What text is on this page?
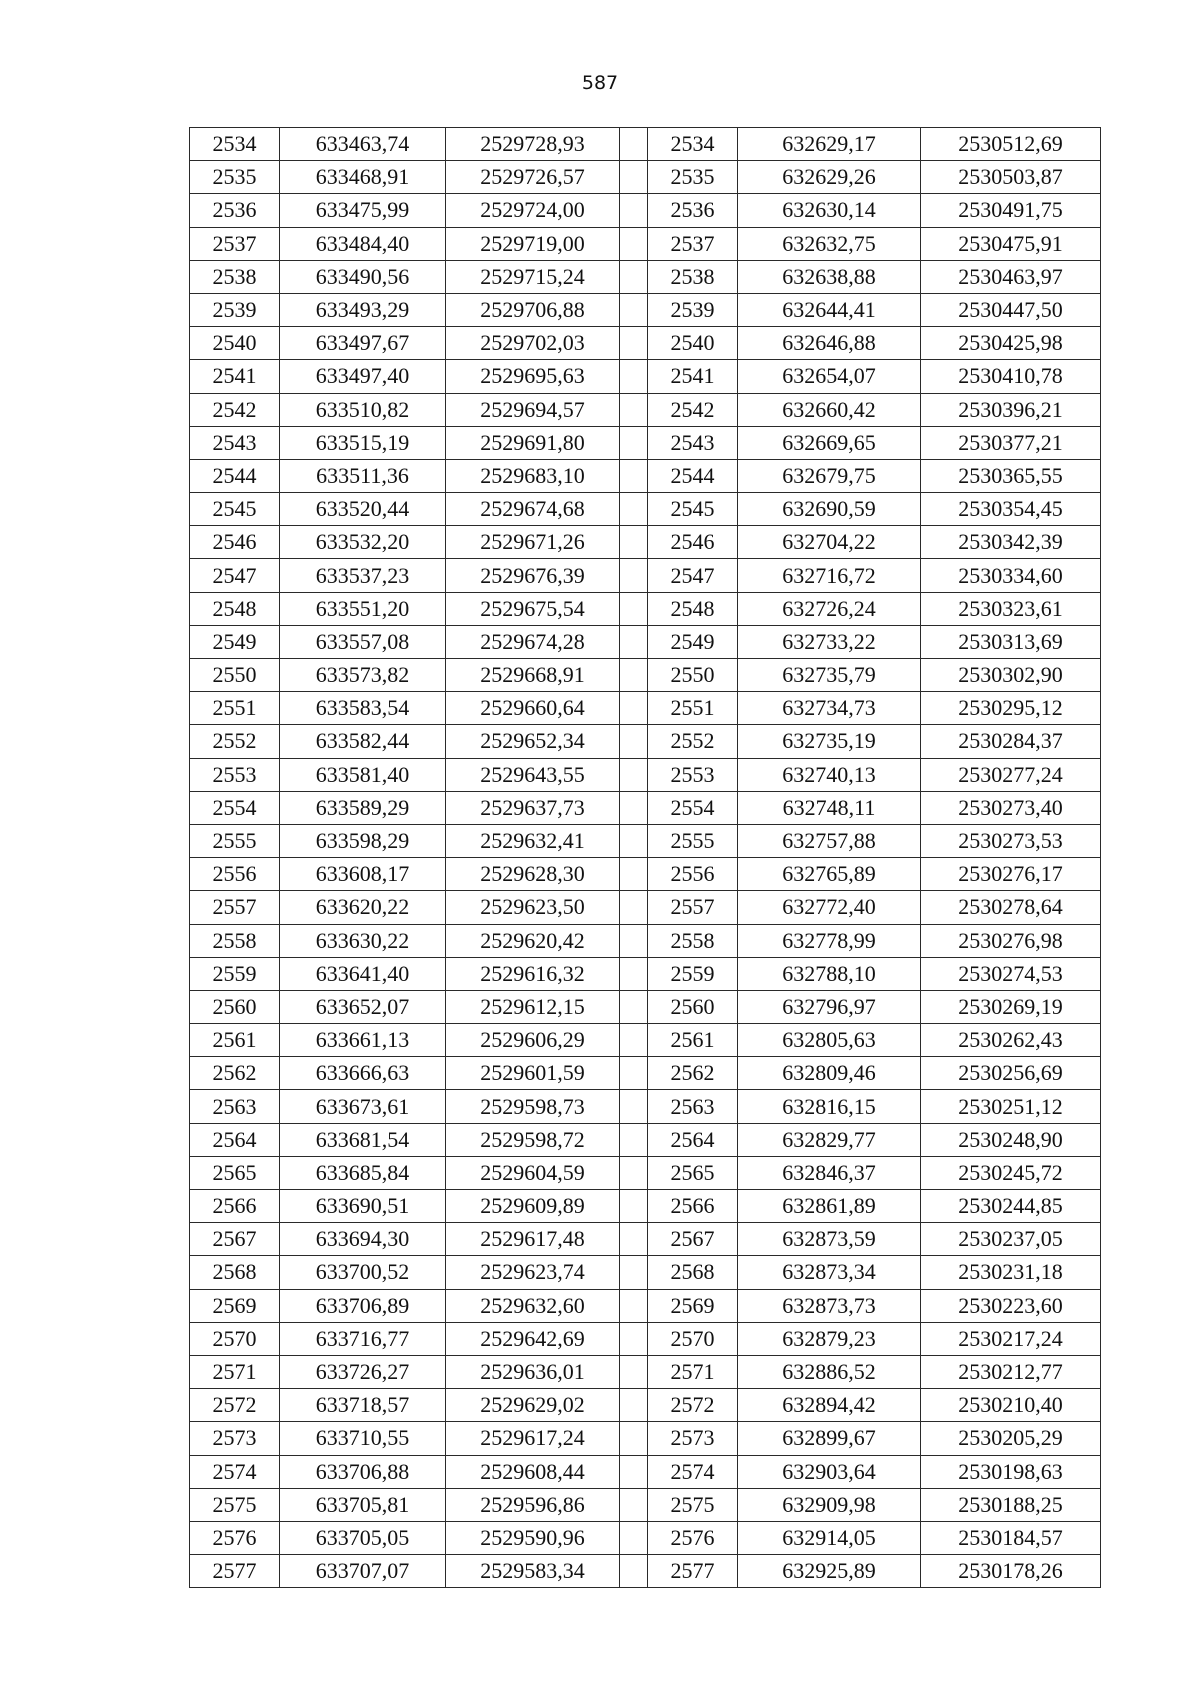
587
2534	633463,74	2529728,93		2534	632629,17	2530512,69
2535	633468,91	2529726,57		2535	632629,26	2530503,87
2536	633475,99	2529724,00		2536	632630,14	2530491,75
2537	633484,40	2529719,00		2537	632632,75	2530475,91
2538	633490,56	2529715,24		2538	632638,88	2530463,97
2539	633493,29	2529706,88		2539	632644,41	2530447,50
2540	633497,67	2529702,03		2540	632646,88	2530425,98
2541	633497,40	2529695,63		2541	632654,07	2530410,78
2542	633510,82	2529694,57		2542	632660,42	2530396,21
2543	633515,19	2529691,80		2543	632669,65	2530377,21
2544	633511,36	2529683,10		2544	632679,75	2530365,55
2545	633520,44	2529674,68		2545	632690,59	2530354,45
2546	633532,20	2529671,26		2546	632704,22	2530342,39
2547	633537,23	2529676,39		2547	632716,72	2530334,60
2548	633551,20	2529675,54		2548	632726,24	2530323,61
2549	633557,08	2529674,28		2549	632733,22	2530313,69
2550	633573,82	2529668,91		2550	632735,79	2530302,90
2551	633583,54	2529660,64		2551	632734,73	2530295,12
2552	633582,44	2529652,34		2552	632735,19	2530284,37
2553	633581,40	2529643,55		2553	632740,13	2530277,24
2554	633589,29	2529637,73		2554	632748,11	2530273,40
2555	633598,29	2529632,41		2555	632757,88	2530273,53
2556	633608,17	2529628,30		2556	632765,89	2530276,17
2557	633620,22	2529623,50		2557	632772,40	2530278,64
2558	633630,22	2529620,42		2558	632778,99	2530276,98
2559	633641,40	2529616,32		2559	632788,10	2530274,53
2560	633652,07	2529612,15		2560	632796,97	2530269,19
2561	633661,13	2529606,29		2561	632805,63	2530262,43
2562	633666,63	2529601,59		2562	632809,46	2530256,69
2563	633673,61	2529598,73		2563	632816,15	2530251,12
2564	633681,54	2529598,72		2564	632829,77	2530248,90
2565	633685,84	2529604,59		2565	632846,37	2530245,72
2566	633690,51	2529609,89		2566	632861,89	2530244,85
2567	633694,30	2529617,48		2567	632873,59	2530237,05
2568	633700,52	2529623,74		2568	632873,34	2530231,18
2569	633706,89	2529632,60		2569	632873,73	2530223,60
2570	633716,77	2529642,69		2570	632879,23	2530217,24
2571	633726,27	2529636,01		2571	632886,52	2530212,77
2572	633718,57	2529629,02		2572	632894,42	2530210,40
2573	633710,55	2529617,24		2573	632899,67	2530205,29
2574	633706,88	2529608,44		2574	632903,64	2530198,63
2575	633705,81	2529596,86		2575	632909,98	2530188,25
2576	633705,05	2529590,96		2576	632914,05	2530184,57
2577	633707,07	2529583,34		2577	632925,89	2530178,26
